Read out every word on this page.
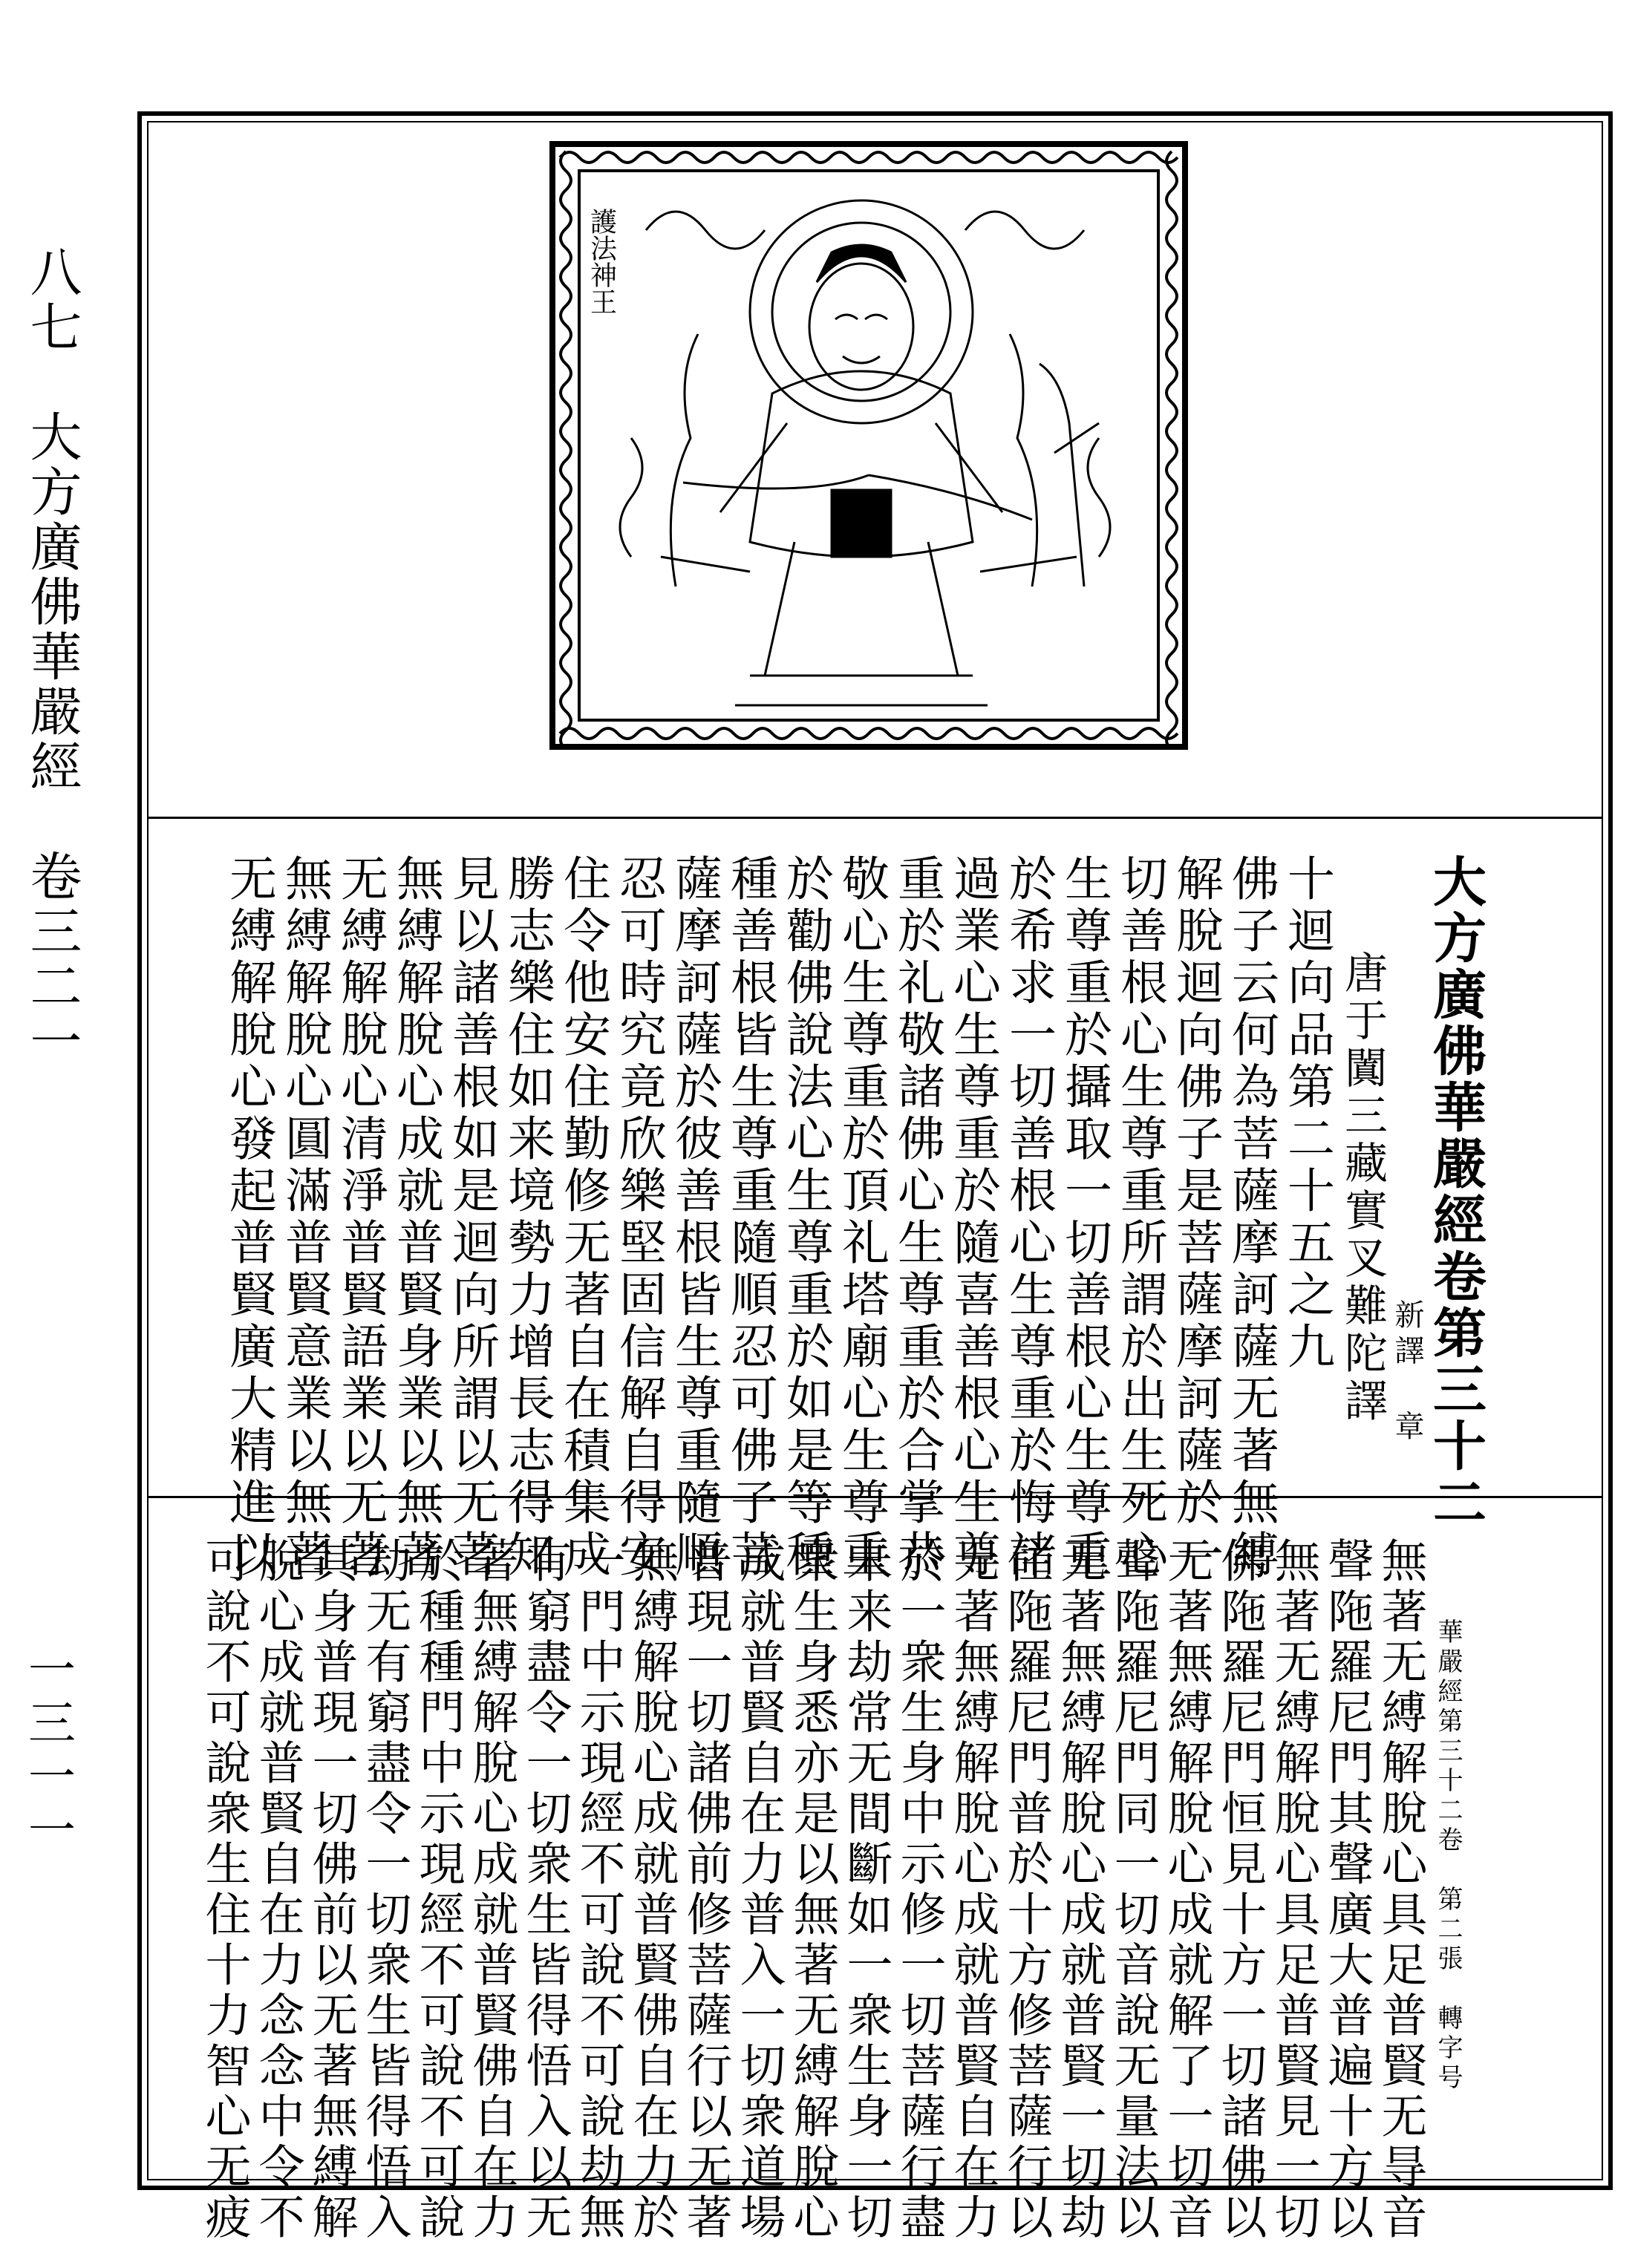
八七　大方廣佛華嚴經　卷三二一
一三一一
護法神王
大方廣佛華嚴經卷第三十二
新譯
章
唐于闐三藏實叉難陀譯
十迴向品第二十五之九
佛子云何為菩薩摩訶薩无著無縛
解脫迴向佛子是菩薩摩訶薩於一
切善根心生尊重所謂於出生死心
生尊重於攝取一切善根心生尊重
於希求一切善根心生尊重於悔諸
過業心生尊重於隨喜善根心生尊
重於礼敬諸佛心生尊重於合掌恭
敬心生尊重於頂礼塔廟心生尊重
於勸佛說法心生尊重於如是等種
種善根皆生尊重隨順忍可佛子菩
薩摩訶薩於彼善根皆生尊重隨順
忍可時究竟欣樂堅固信解自得安
住令他安住勤修无著自在積集成
勝志樂住如来境勢力增長志得知
見以諸善根如是迴向所謂以无著
無縛解脫心成就普賢身業以無著
无縛解脫心清淨普賢語業以无著
無縛解脫心圓滿普賢意業以無著
无縛解脫心發起普賢廣大精進以
華嚴經第三十二卷　第二張　轉字号
無著无縛解脫心具足普賢无㝵音
聲陁羅尼門其聲廣大普遍十方以
無著无縛解脫心具足普賢見一切
佛陁羅尼門恒見十方一切諸佛以
无著無縛解脫心成就解了一切音
聲陁羅尼門同一切音說无量法以
无著無縛解脫心成就普賢一切劫
住陁羅尼門普於十方修菩薩行以
无著無縛解脫心成就普賢自在力
於一衆生身中示修一切菩薩行盡
未来劫常无間斷如一衆生身一切
衆生身悉亦是以無著无縛解脫心
成就普賢自在力普入一切衆道場
普現一切諸佛前修菩薩行以无著
無縛解脫心成就普賢佛自在力於
一門中示現經不可說不可說劫無
有窮盡令一切衆生皆得悟入以无
著無縛解脫心成就普賢佛自在力
於種種門中示現經不可說不可說
劫无有窮盡令一切衆生皆得悟入
其身普現一切佛前以无著無縛解
脫心成就普賢自在力念念中令不
可說不可說衆生住十力智心无疲
